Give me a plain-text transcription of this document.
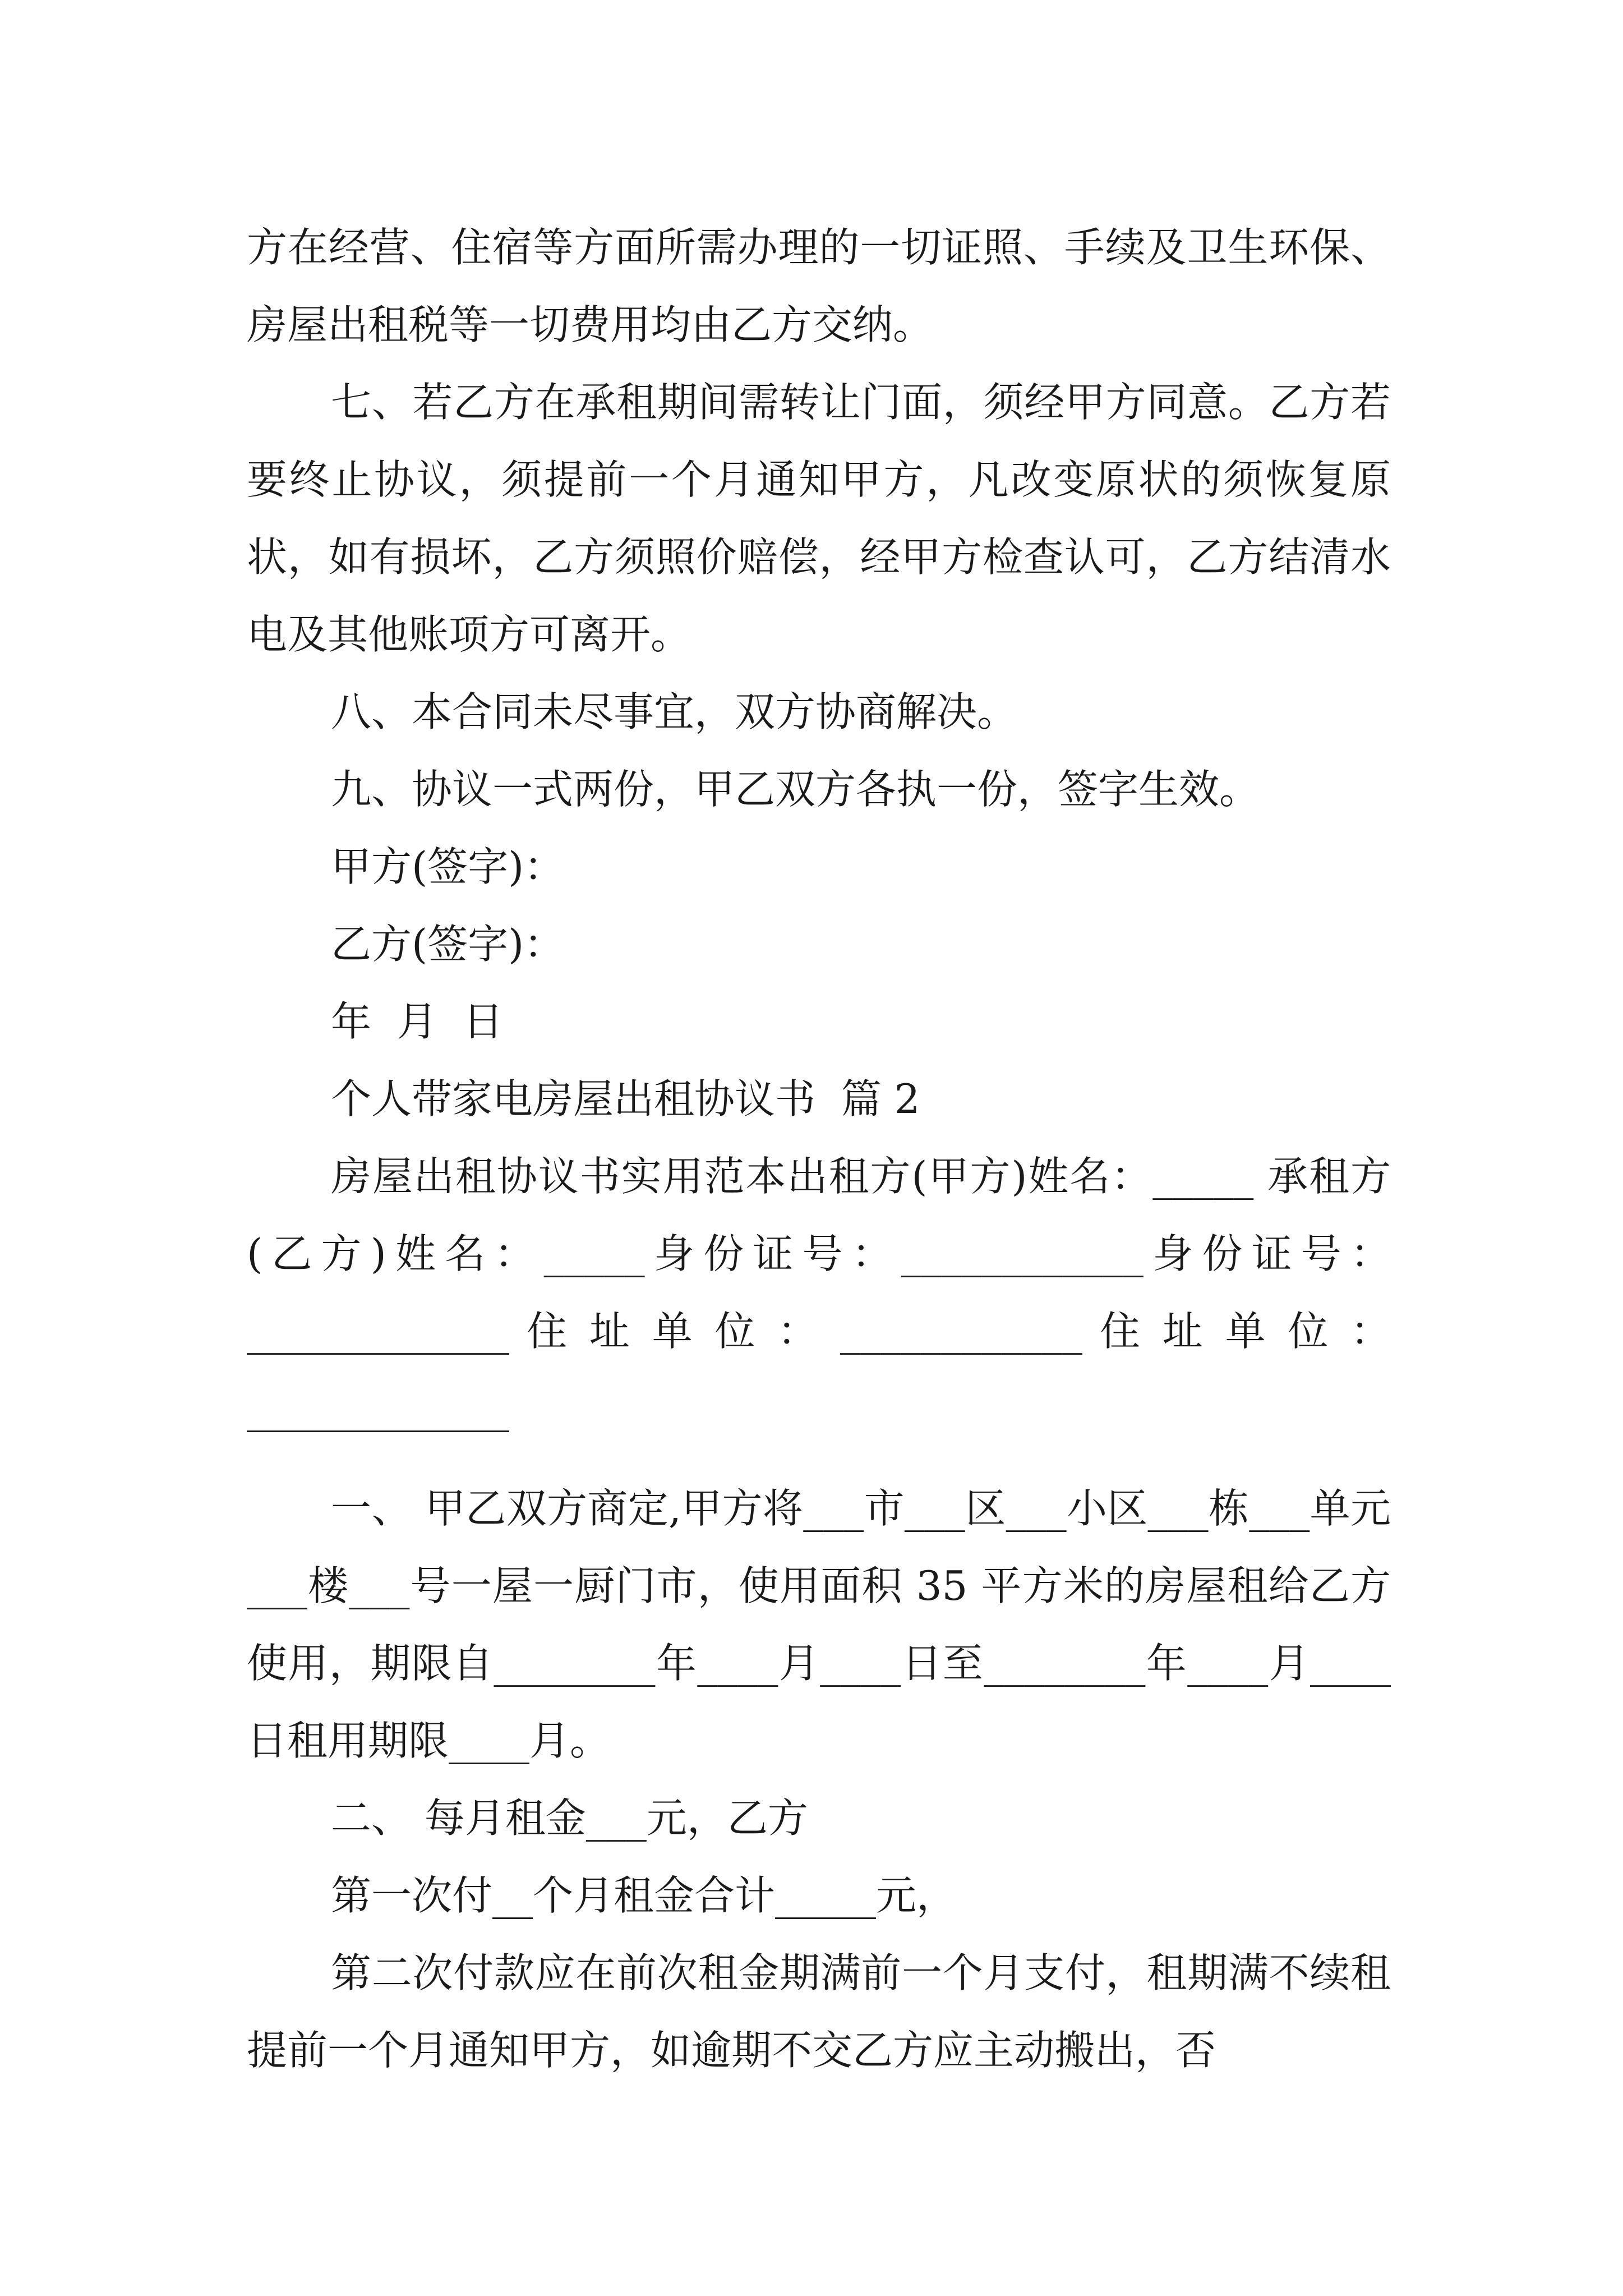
方在经营、住宿等方面所需办理的一切证照、手续及卫生环保、房屋出租税等一切费用均由乙方交纳。

七、若乙方在承租期间需转让门面，须经甲方同意。乙方若要终止协议，须提前一个月通知甲方，凡改变原状的须恢复原状，如有损坏，乙方须照价赔偿，经甲方检查认可，乙方结清水电及其他账项方可离开。

八、本合同未尽事宜，双方协商解决。

九、协议一式两份，甲乙双方各执一份，签字生效。

甲方(签字)：

乙方(签字)：

年  月  日

个人带家电房屋出租协议书  篇 2

房屋出租协议书实用范本出租方(甲方)姓名：_____ 承租方(乙方)姓名：_____身份证号：____________身份证号：_____________ 住 址 单 位 ： ____________ 住 址 单 位 ： _____________

一、 甲乙双方商定,甲方将___市___区___小区___栋___单元___楼___号一屋一厨门市，使用面积 35 平方米的房屋租给乙方使用，期限自________年____月____日至________年____月____日租用期限____月。

二、 每月租金___元，乙方

第一次付__个月租金合计_____元，

第二次付款应在前次租金期满前一个月支付，租期满不续租提前一个月通知甲方，如逾期不交乙方应主动搬出，否
